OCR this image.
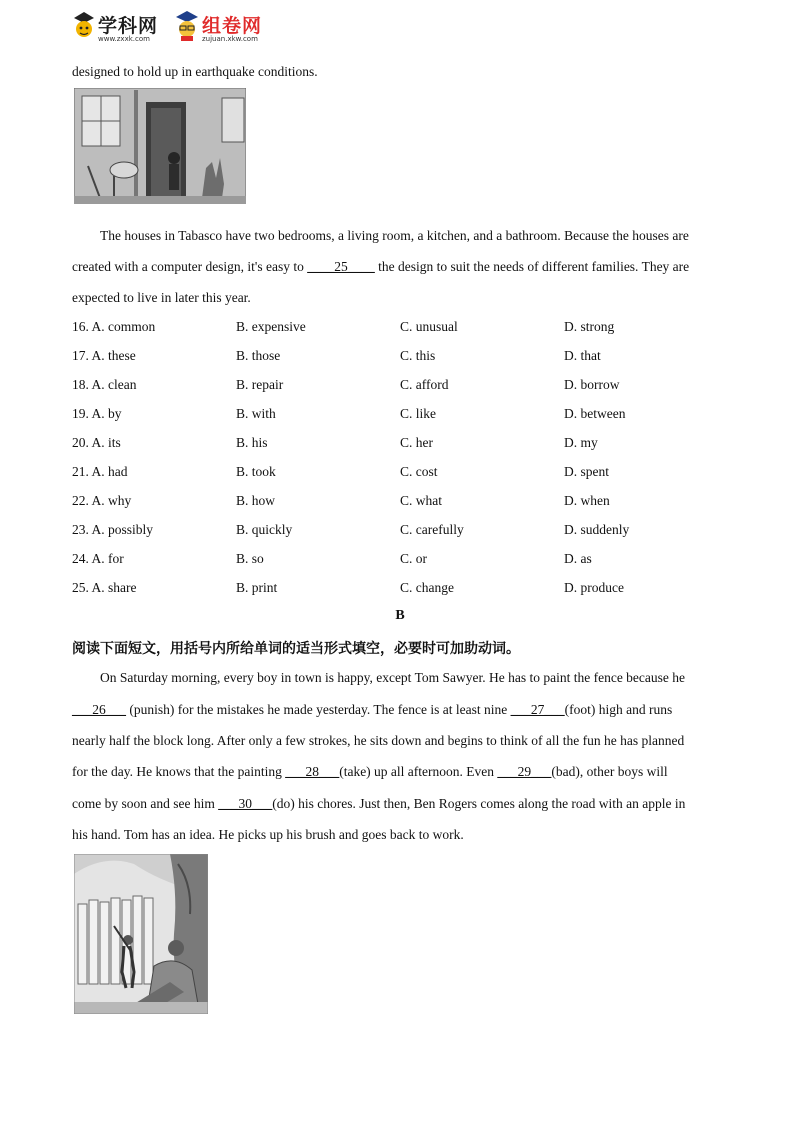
学科网
www.zxxk.com
组卷网
zujuan.xkw.com
designed to hold up in earthquake conditions.
The houses in Tabasco have two bedrooms, a living room, a kitchen, and a bathroom. Because the houses are
created with a computer design, it's easy to ____25____ the design to suit the needs of different families. They are
expected to live in later this year.
16. A. common	B. expensive	C. unusual	D. strong
17. A. these	B. those	C. this	D. that
18. A. clean	B. repair	C. afford	D. borrow
19. A. by	B. with	C. like	D. between
20. A. its	B. his	C. her	D. my
21. A. had	B. took	C. cost	D. spent
22. A. why	B. how	C. what	D. when
23. A. possibly	B. quickly	C. carefully	D. suddenly
24. A. for	B. so	C. or	D. as
25. A. share	B. print	C. change	D. produce
B
阅读下面短文，用括号内所给单词的适当形式填空，必要时可加助动词。
On Saturday morning, every boy in town is happy, except Tom Sawyer. He has to paint the fence because he
___26___ (punish) for the mistakes he made yesterday. The fence is at least nine ___27___(foot) high and runs
nearly half the block long. After only a few strokes, he sits down and begins to think of all the fun he has planned
for the day. He knows that the painting ___28___(take) up all afternoon. Even ___29___(bad), other boys will
come by soon and see him ___30___(do) his chores. Just then, Ben Rogers comes along the road with an apple in
his hand. Tom has an idea. He picks up his brush and goes back to work.
